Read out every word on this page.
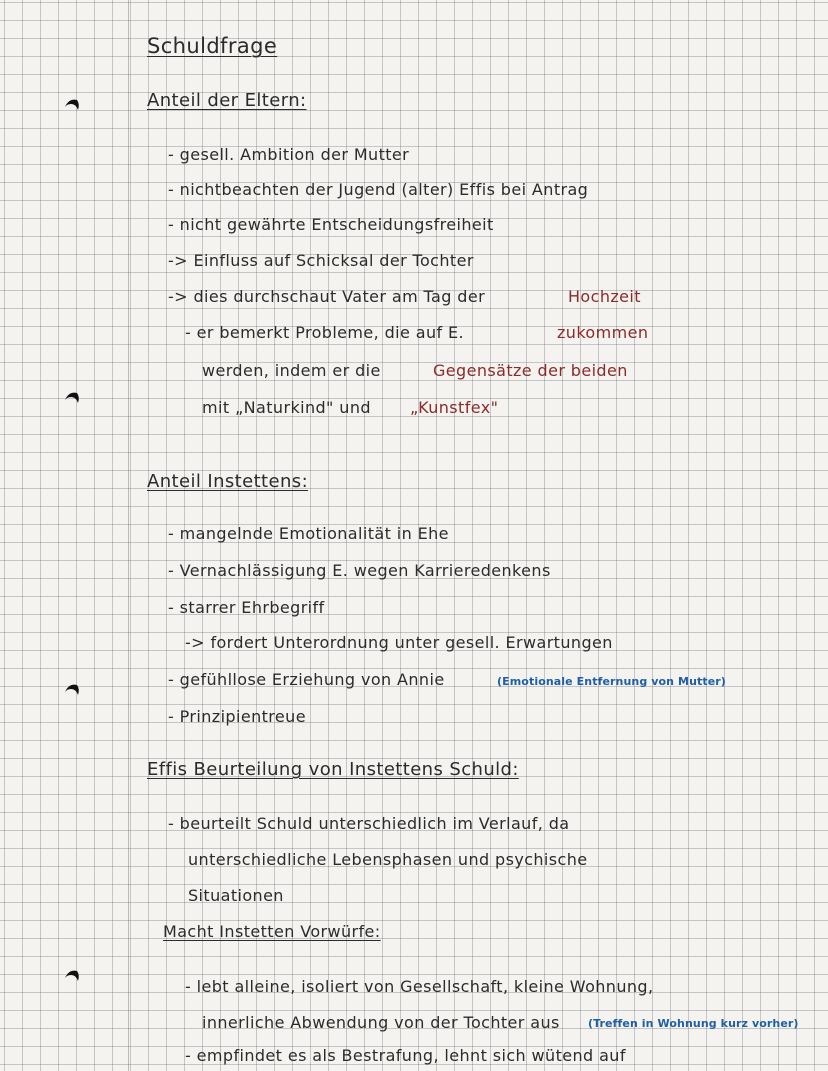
Schuldfrage
Anteil der Eltern:
- gesell. Ambition der Mutter
- nichtbeachten der Jugend (alter) Effis bei Antrag
- nicht gewährte Entscheidungsfreiheit
-> Einfluss auf Schicksal der Tochter
-> dies durchschaut Vater am Tag der	Hochzeit
- er bemerkt Probleme, die auf E.	zukommen
werden, indem er die	Gegensätze der beiden
mit „Naturkind" und „Kunstfex"
Anteil Instettens:
- mangelnde Emotionalität in Ehe
- Vernachlässigung E. wegen Karrieredenkens
- starrer Ehrbegriff
-> fordert Unterordnung unter gesell. Erwartungen
- gefühllose Erziehung von Annie	(Emotionale Entfernung von Mutter)
- Prinzipientreue
Effis Beurteilung von Instettens Schuld:
- beurteilt Schuld unterschiedlich im Verlauf, da
unterschiedliche Lebensphasen und psychische
Situationen
Macht Instetten Vorwürfe:
- lebt alleine, isoliert von Gesellschaft, kleine Wohnung,
innerliche Abwendung von der Tochter aus	(Treffen in Wohnung kurz vorher)
- empfindet es als Bestrafung, lehnt sich wütend auf
